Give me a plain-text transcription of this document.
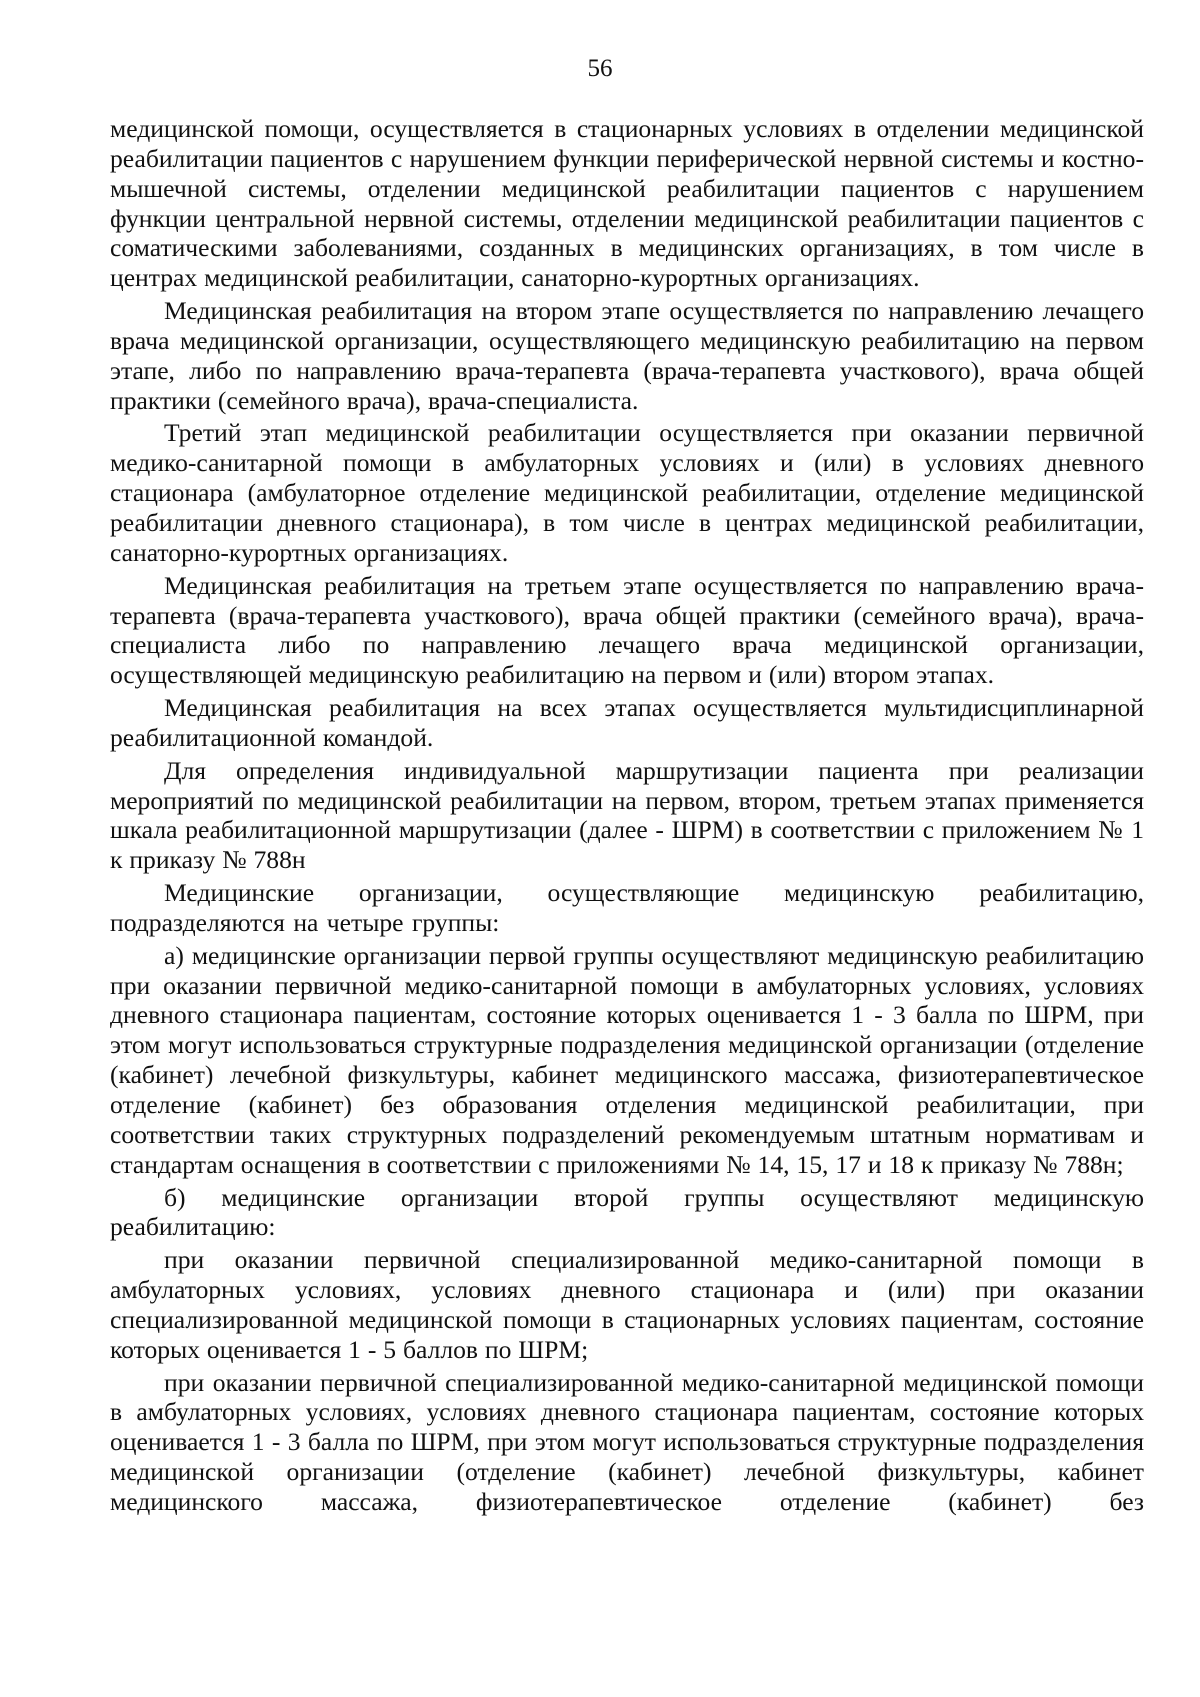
56

медицинской помощи, осуществляется в стационарных условиях в отделении медицинской реабилитации пациентов с нарушением функции периферической нервной системы и костно-мышечной системы, отделении медицинской реабилитации пациентов с нарушением функции центральной нервной системы, отделении медицинской реабилитации пациентов с соматическими заболеваниями, созданных в медицинских организациях, в том числе в центрах медицинской реабилитации, санаторно-курортных организациях.

Медицинская реабилитация на втором этапе осуществляется по направлению лечащего врача медицинской организации, осуществляющего медицинскую реабилитацию на первом этапе, либо по направлению врача-терапевта (врача-терапевта участкового), врача общей практики (семейного врача), врача-специалиста.

Третий этап медицинской реабилитации осуществляется при оказании первичной медико-санитарной помощи в амбулаторных условиях и (или) в условиях дневного стационара (амбулаторное отделение медицинской реабилитации, отделение медицинской реабилитации дневного стационара), в том числе в центрах медицинской реабилитации, санаторно-курортных организациях.

Медицинская реабилитация на третьем этапе осуществляется по направлению врача-терапевта (врача-терапевта участкового), врача общей практики (семейного врача), врача-специалиста либо по направлению лечащего врача медицинской организации, осуществляющей медицинскую реабилитацию на первом и (или) втором этапах.

Медицинская реабилитация на всех этапах осуществляется мультидисциплинарной реабилитационной командой.

Для определения индивидуальной маршрутизации пациента при реализации мероприятий по медицинской реабилитации на первом, втором, третьем этапах применяется шкала реабилитационной маршрутизации (далее - ШРМ) в соответствии с приложением № 1 к приказу № 788н

Медицинские организации, осуществляющие медицинскую реабилитацию, подразделяются на четыре группы:

а) медицинские организации первой группы осуществляют медицинскую реабилитацию при оказании первичной медико-санитарной помощи в амбулаторных условиях, условиях дневного стационара пациентам, состояние которых оценивается 1 - 3 балла по ШРМ, при этом могут использоваться структурные подразделения медицинской организации (отделение (кабинет) лечебной физкультуры, кабинет медицинского массажа, физиотерапевтическое отделение (кабинет) без образования отделения медицинской реабилитации, при соответствии таких структурных подразделений рекомендуемым штатным нормативам и стандартам оснащения в соответствии с приложениями № 14, 15, 17 и 18 к приказу № 788н;

б) медицинские организации второй группы осуществляют медицинскую реабилитацию:

при оказании первичной специализированной медико-санитарной помощи в амбулаторных условиях, условиях дневного стационара и (или) при оказании специализированной медицинской помощи в стационарных условиях пациентам, состояние которых оценивается 1 - 5 баллов по ШРМ;

при оказании первичной специализированной медико-санитарной медицинской помощи в амбулаторных условиях, условиях дневного стационара пациентам, состояние которых оценивается 1 - 3 балла по ШРМ, при этом могут использоваться структурные подразделения медицинской организации (отделение (кабинет) лечебной физкультуры, кабинет медицинского массажа, физиотерапевтическое отделение (кабинет) без
